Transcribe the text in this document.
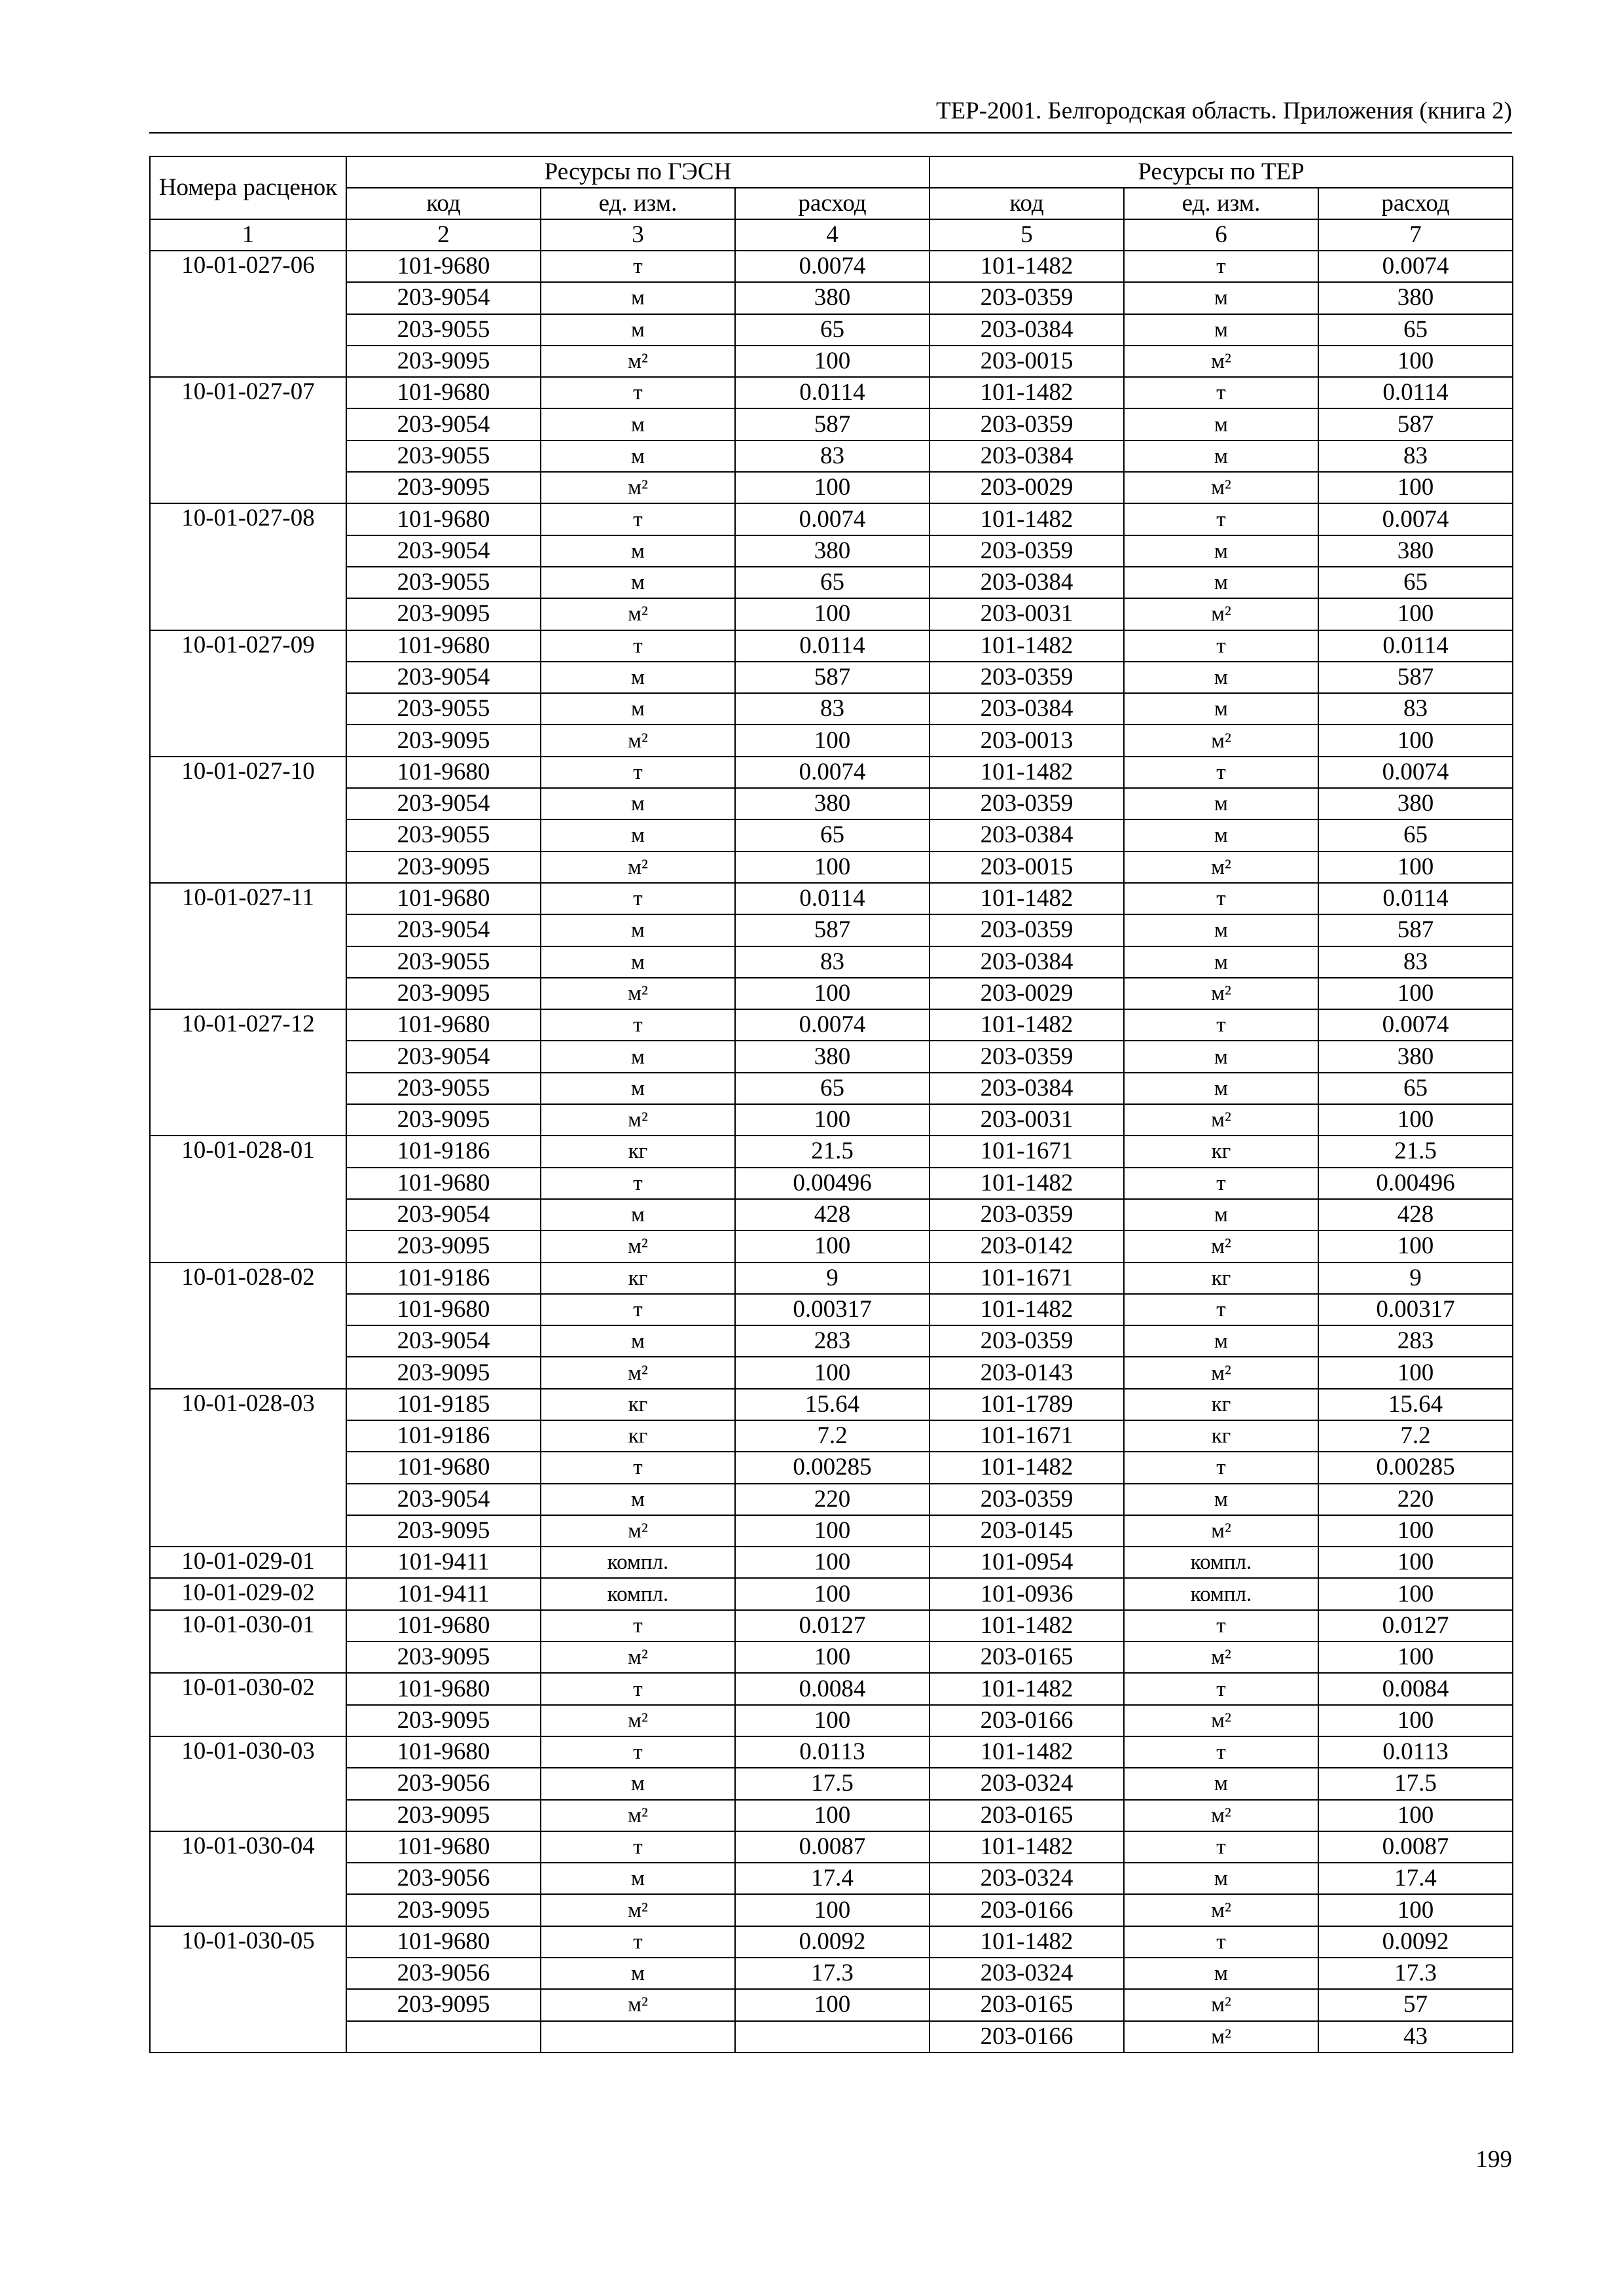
ТЕР-2001. Белгородская область. Приложения (книга 2)
Номера расценок	Ресурсы по ГЭСН			Ресурсы по ТЕР		
	код	ед. изм.	расход	код	ед. изм.	расход
1	2	3	4	5	6	7
10-01-027-06	101-9680	т	0.0074	101-1482	т	0.0074
	203-9054	м	380	203-0359	м	380
	203-9055	м	65	203-0384	м	65
	203-9095	м²	100	203-0015	м²	100
10-01-027-07	101-9680	т	0.0114	101-1482	т	0.0114
	203-9054	м	587	203-0359	м	587
	203-9055	м	83	203-0384	м	83
	203-9095	м²	100	203-0029	м²	100
10-01-027-08	101-9680	т	0.0074	101-1482	т	0.0074
	203-9054	м	380	203-0359	м	380
	203-9055	м	65	203-0384	м	65
	203-9095	м²	100	203-0031	м²	100
10-01-027-09	101-9680	т	0.0114	101-1482	т	0.0114
	203-9054	м	587	203-0359	м	587
	203-9055	м	83	203-0384	м	83
	203-9095	м²	100	203-0013	м²	100
10-01-027-10	101-9680	т	0.0074	101-1482	т	0.0074
	203-9054	м	380	203-0359	м	380
	203-9055	м	65	203-0384	м	65
	203-9095	м²	100	203-0015	м²	100
10-01-027-11	101-9680	т	0.0114	101-1482	т	0.0114
	203-9054	м	587	203-0359	м	587
	203-9055	м	83	203-0384	м	83
	203-9095	м²	100	203-0029	м²	100
10-01-027-12	101-9680	т	0.0074	101-1482	т	0.0074
	203-9054	м	380	203-0359	м	380
	203-9055	м	65	203-0384	м	65
	203-9095	м²	100	203-0031	м²	100
10-01-028-01	101-9186	кг	21.5	101-1671	кг	21.5
	101-9680	т	0.00496	101-1482	т	0.00496
	203-9054	м	428	203-0359	м	428
	203-9095	м²	100	203-0142	м²	100
10-01-028-02	101-9186	кг	9	101-1671	кг	9
	101-9680	т	0.00317	101-1482	т	0.00317
	203-9054	м	283	203-0359	м	283
	203-9095	м²	100	203-0143	м²	100
10-01-028-03	101-9185	кг	15.64	101-1789	кг	15.64
	101-9186	кг	7.2	101-1671	кг	7.2
	101-9680	т	0.00285	101-1482	т	0.00285
	203-9054	м	220	203-0359	м	220
	203-9095	м²	100	203-0145	м²	100
10-01-029-01	101-9411	компл.	100	101-0954	компл.	100
10-01-029-02	101-9411	компл.	100	101-0936	компл.	100
10-01-030-01	101-9680	т	0.0127	101-1482	т	0.0127
	203-9095	м²	100	203-0165	м²	100
10-01-030-02	101-9680	т	0.0084	101-1482	т	0.0084
	203-9095	м²	100	203-0166	м²	100
10-01-030-03	101-9680	т	0.0113	101-1482	т	0.0113
	203-9056	м	17.5	203-0324	м	17.5
	203-9095	м²	100	203-0165	м²	100
10-01-030-04	101-9680	т	0.0087	101-1482	т	0.0087
	203-9056	м	17.4	203-0324	м	17.4
	203-9095	м²	100	203-0166	м²	100
10-01-030-05	101-9680	т	0.0092	101-1482	т	0.0092
	203-9056	м	17.3	203-0324	м	17.3
	203-9095	м²	100	203-0165	м²	57
				203-0166	м²	43
199
